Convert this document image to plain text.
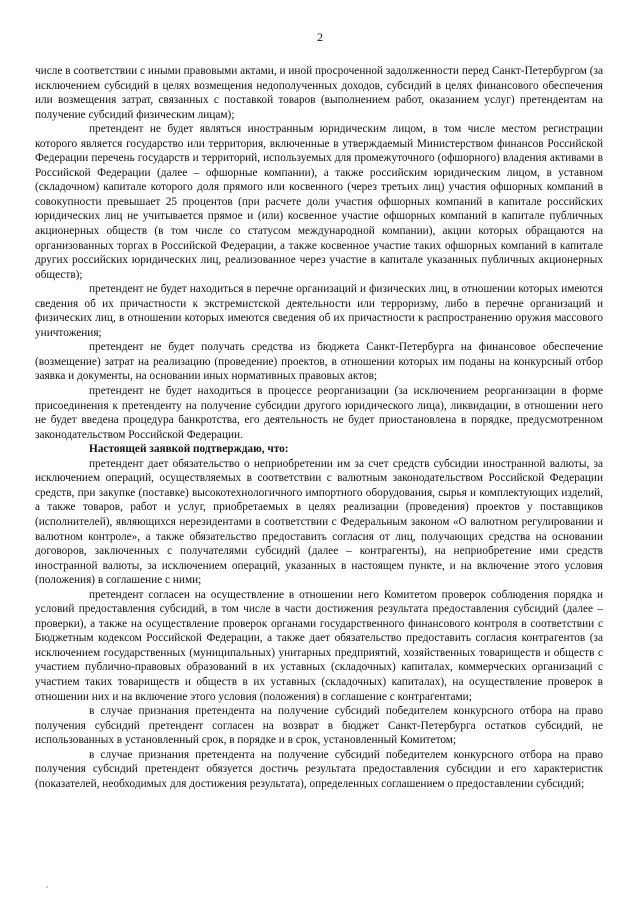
2

числе в соответствии с иными правовыми актами, и иной просроченной задолженности перед Санкт-Петербургом (за исключением субсидий в целях возмещения недополученных доходов, субсидий в целях финансового обеспечения или возмещения затрат, связанных с поставкой товаров (выполнением работ, оказанием услуг) претендентам на получение субсидий физическим лицам);

претендент не будет являться иностранным юридическим лицом, в том числе местом регистрации которого является государство или территория, включенные в утверждаемый Министерством финансов Российской Федерации перечень государств и территорий, используемых для промежуточного (офшорного) владения активами в Российской Федерации (далее – офшорные компании), а также российским юридическим лицом, в уставном (складочном) капитале которого доля прямого или косвенного (через третьих лиц) участия офшорных компаний в совокупности превышает 25 процентов (при расчете доли участия офшорных компаний в капитале российских юридических лиц не учитывается прямое и (или) косвенное участие офшорных компаний в капитале публичных акционерных обществ (в том числе со статусом международной компании), акции которых обращаются на организованных торгах в Российской Федерации, а также косвенное участие таких офшорных компаний в капитале других российских юридических лиц, реализованное через участие в капитале указанных публичных акционерных обществ);

претендент не будет находиться в перечне организаций и физических лиц, в отношении которых имеются сведения об их причастности к экстремистской деятельности или терроризму, либо в перечне организаций и физических лиц, в отношении которых имеются сведения об их причастности к распространению оружия массового уничтожения;

претендент не будет получать средства из бюджета Санкт-Петербурга на финансовое обеспечение (возмещение) затрат на реализацию (проведение) проектов, в отношении которых им поданы на конкурсный отбор заявка и документы, на основании иных нормативных правовых актов;

претендент не будет находиться в процессе реорганизации (за исключением реорганизации в форме присоединения к претенденту на получение субсидии другого юридического лица), ликвидации, в отношении него не будет введена процедура банкротства, его деятельность не будет приостановлена в порядке, предусмотренном законодательством Российской Федерации.

Настоящей заявкой подтверждаю, что:

претендент дает обязательство о неприобретении им за счет средств субсидии иностранной валюты, за исключением операций, осуществляемых в соответствии с валютным законодательством Российской Федерации средств, при закупке (поставке) высокотехнологичного импортного оборудования, сырья и комплектующих изделий, а также товаров, работ и услуг, приобретаемых в целях реализации (проведения) проектов у поставщиков (исполнителей), являющихся нерезидентами в соответствии с Федеральным законом «О валютном регулировании и валютном контроле», а также обязательство предоставить согласия от лиц, получающих средства на основании договоров, заключенных с получателями субсидий (далее – контрагенты), на неприобретение ими средств иностранной валюты, за исключением операций, указанных в настоящем пункте, и на включение этого условия (положения) в соглашение с ними;

претендент согласен на осуществление в отношении него Комитетом проверок соблюдения порядка и условий предоставления субсидий, в том числе в части достижения результата предоставления субсидий (далее – проверки), а также на осуществление проверок органами государственного финансового контроля в соответствии с Бюджетным кодексом Российской Федерации, а также дает обязательство предоставить согласия контрагентов (за исключением государственных (муниципальных) унитарных предприятий, хозяйственных товариществ и обществ с участием публично-правовых образований в их уставных (складочных) капиталах, коммерческих организаций с участием таких товариществ и обществ в их уставных (складочных) капиталах), на осуществление проверок в отношении них и на включение этого условия (положения) в соглашение с контрагентами;

в случае признания претендента на получение субсидий победителем конкурсного отбора на право получения субсидий претендент согласен на возврат в бюджет Санкт-Петербурга остатков субсидий, не использованных в установленный срок, в порядке и в срок, установленный Комитетом;

в случае признания претендента на получение субсидий победителем конкурсного отбора на право получения субсидий претендент обязуется достичь результата предоставления субсидии и его характеристик (показателей, необходимых для достижения результата), определенных соглашением о предоставлении субсидий;
